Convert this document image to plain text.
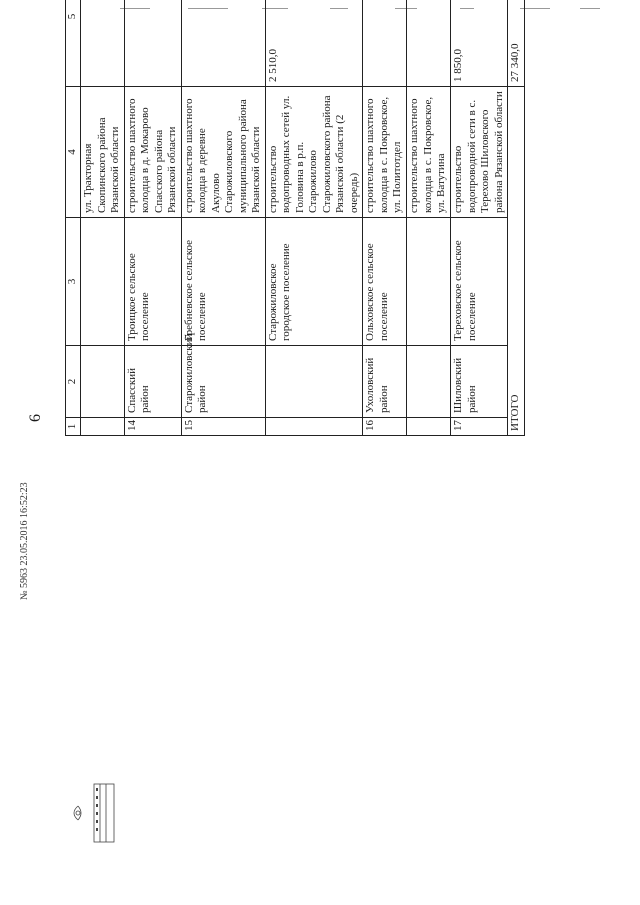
6
1	2	3	4	5	
			ул. Тракторная Скопинского района Рязанской области		
14	Спасский район	Троицкое сельское поселение	строительство шахтного колодца в д. Мокарово Спасского района Рязанской области		
15	Старожиловский район	Гребневское сельское поселение	строительство шахтного колодца в деревне Акулово Старожиловского муниципального района Рязанской области		
		Старожиловское городское поселение	строительство водопроводных сетей ул. Головина в р.п. Старожилово Старожиловского района Рязанской области (2 очередь)	2 510,0	
16	Ухоловский район	Ольховское сельское поселение	строительство шахтного колодца в с. Покровское, ул. Политотдел		
			строительство шахтного колодца в с. Покровское, ул. Ватутина		
17	Шиловский район	Тереховское сельское поселение	строительство водопроводной сети в с. Терехово Шиловского района Рязанской области	1 850,0	
ИТОГО				27 340,0	
№ 5963 23.05.2016 16:52:23
